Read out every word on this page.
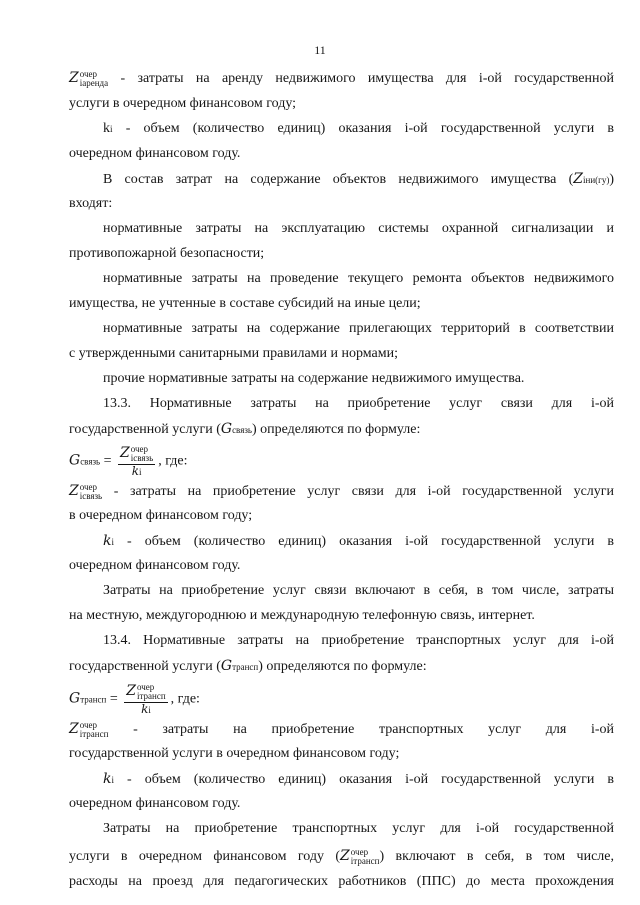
11
Z очер
iаренда - затраты на аренду недвижимого имущества для i-ой государственной
услуги в очередном финансовом году;
ki - объем (количество единиц) оказания i-ой государственной услуги в
очередном финансовом году.
В состав затрат на содержание объектов недвижимого имущества (Ziни(гу))
входят:
нормативные затраты на эксплуатацию системы охранной сигнализации и
противопожарной безопасности;
нормативные затраты на проведение текущего ремонта объектов недвижимого
имущества, не учтенные в составе субсидий на иные цели;
нормативные затраты на содержание прилегающих территорий в соответствии
с утвержденными санитарными правилами и нормами;
прочие нормативные затраты на содержание недвижимого имущества.
13.3. Нормативные затраты на приобретение услуг связи для i-ой
государственной услуги (Gсвязь) определяются по формуле:
Gсвязь = Z очер
iсвязь
ki , где:
Z очер
iсвязь - затраты на приобретение услуг связи для i-ой государственной услуги
в очередном финансовом году;
ki - объем (количество единиц) оказания i-ой государственной услуги в
очередном финансовом году.
Затраты на приобретение услуг связи включают в себя, в том числе, затраты
на местную, междугороднюю и международную телефонную связь, интернет.
13.4. Нормативные затраты на приобретение транспортных услуг для i-ой
государственной услуги (Gтрансп) определяются по формуле:
Gтрансп = Z очер
iтрансп
ki , где:
Z очер
iтрансп - затраты на приобретение транспортных услуг для i-ой
государственной услуги в очередном финансовом году;
ki - объем (количество единиц) оказания i-ой государственной услуги в
очередном финансовом году.
Затраты на приобретение транспортных услуг для i-ой государственной
услуги в очередном финансовом году (Z очер
iтрансп ) включают в себя, в том числе,
расходы на проезд для педагогических работников (ППС) до места прохождения
